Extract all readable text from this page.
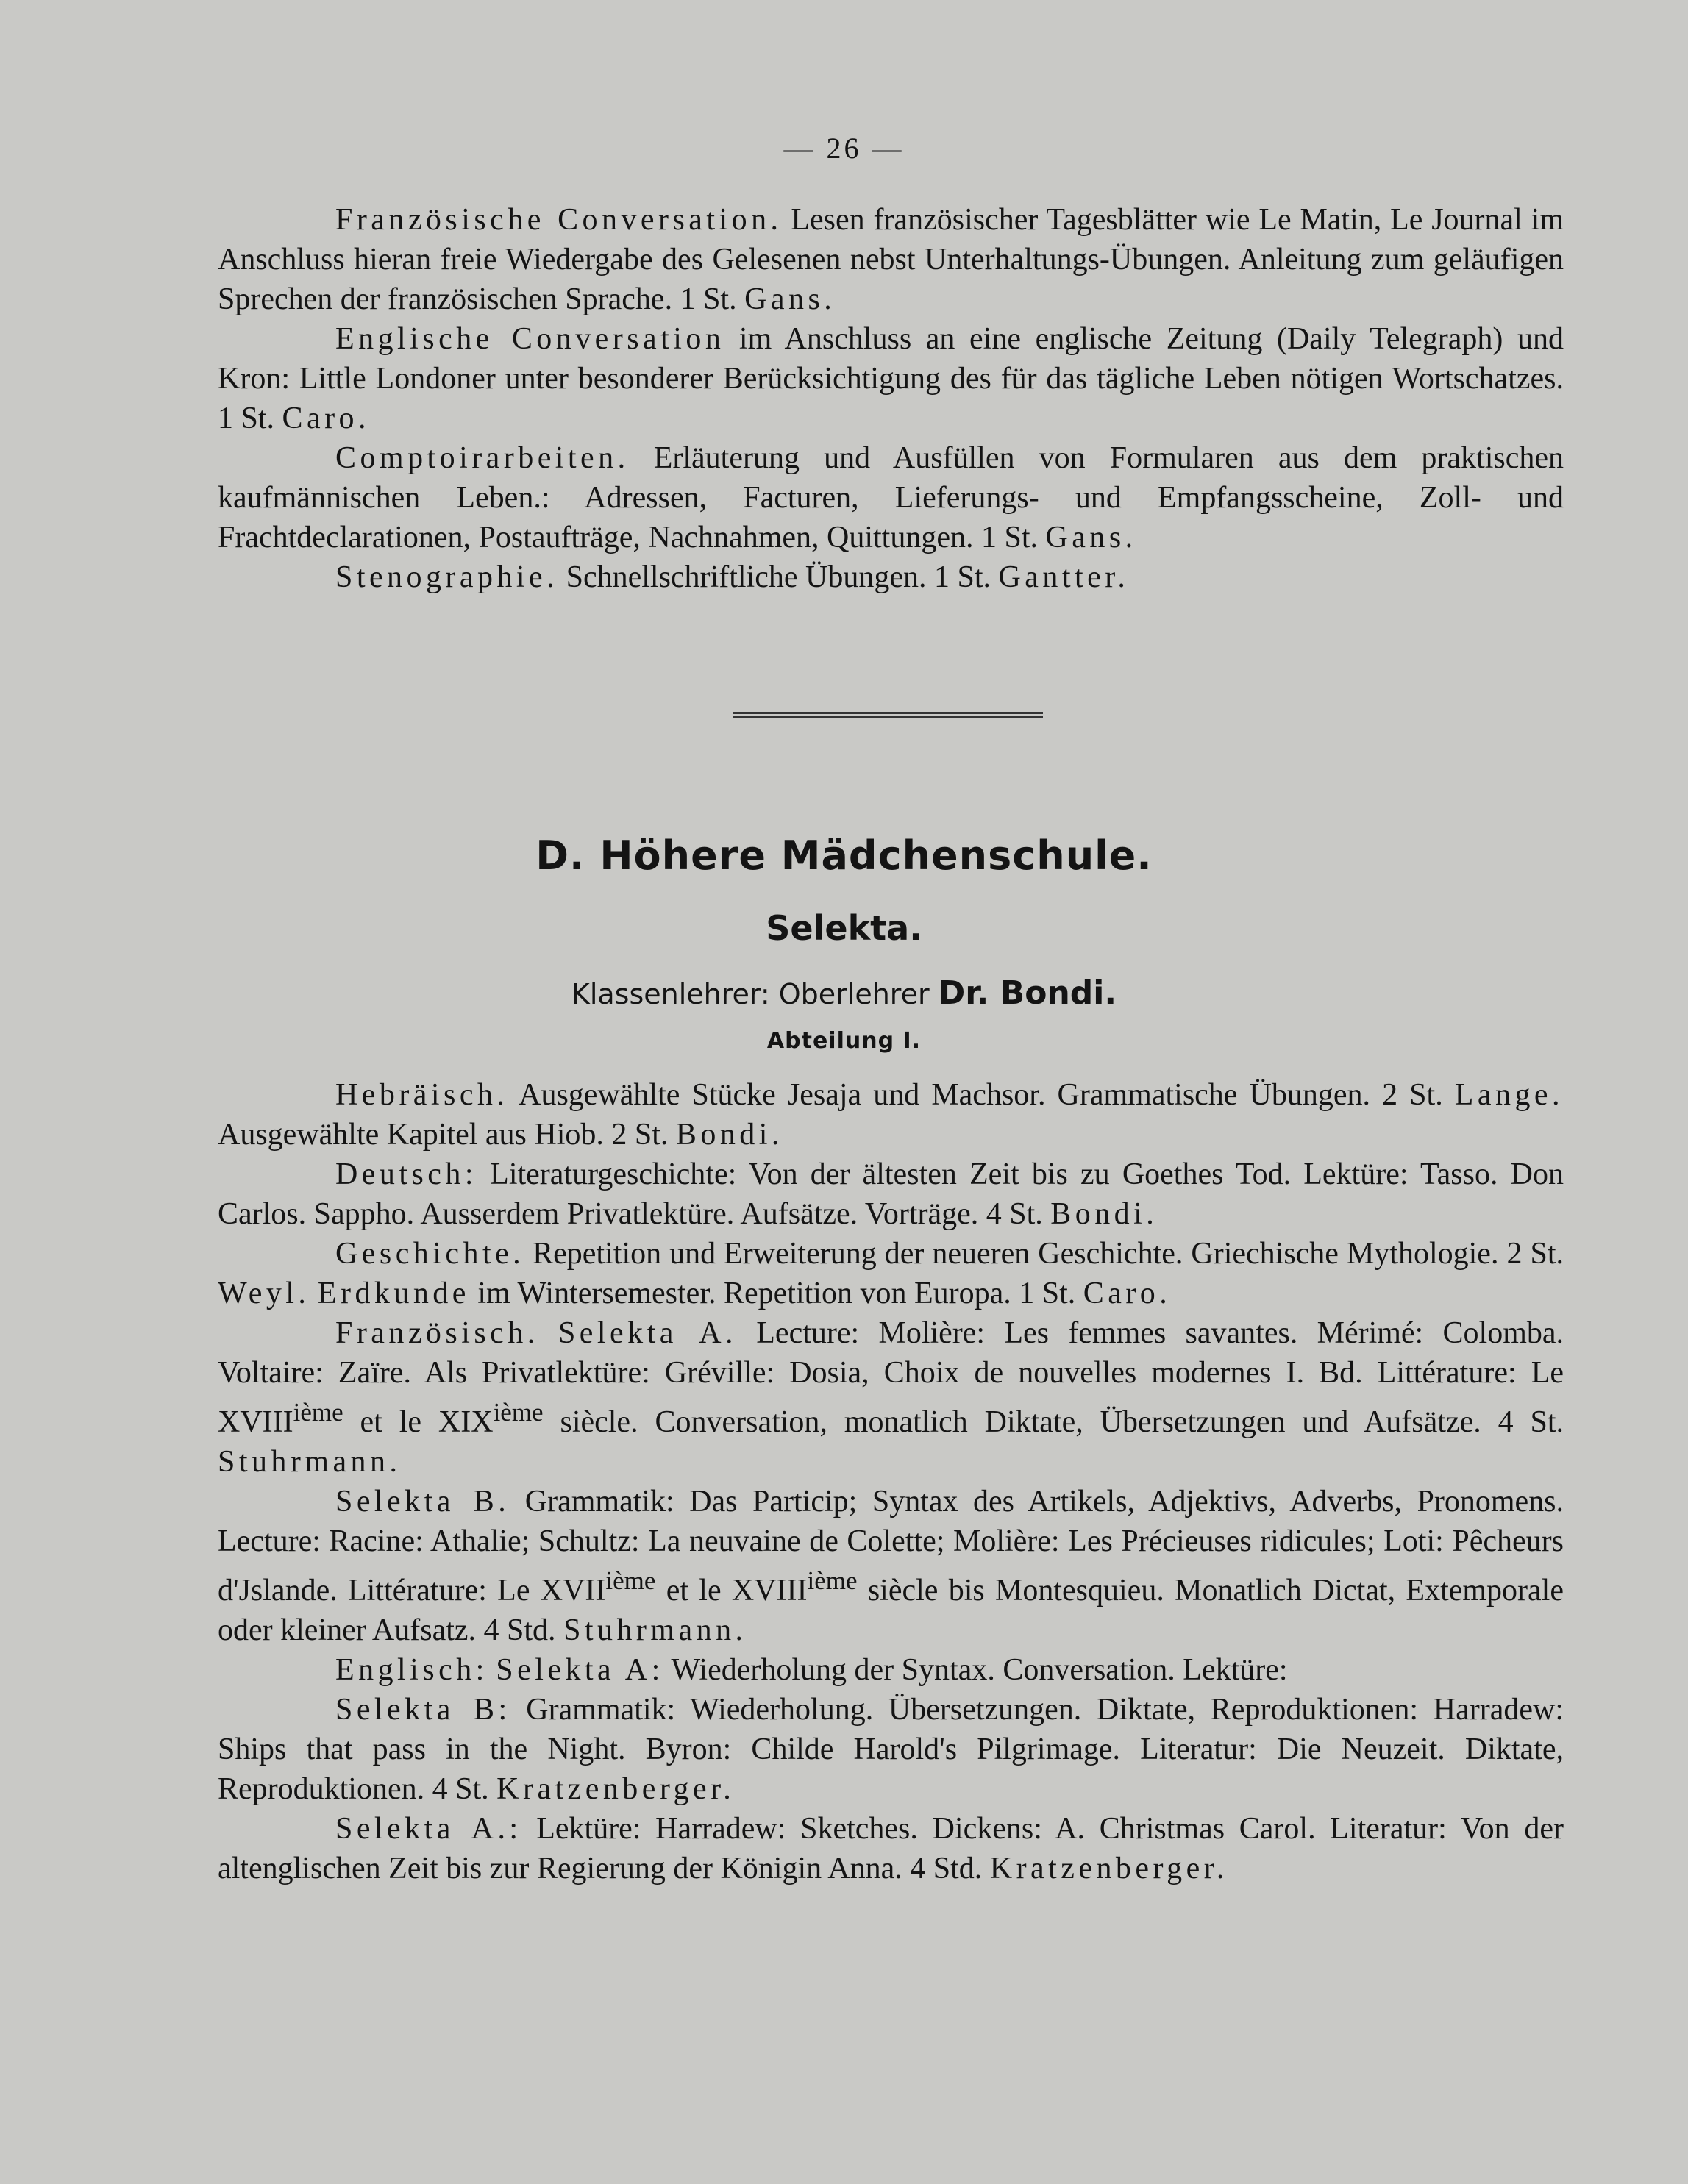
— 26 —

Französische Conversation. Lesen französischer Tagesblätter wie Le Matin, Le Journal im Anschluss hieran freie Wiedergabe des Gelesenen nebst Unterhaltungs-Übungen. Anleitung zum geläufigen Sprechen der französischen Sprache. 1 St. Gans.

Englische Conversation im Anschluss an eine englische Zeitung (Daily Telegraph) und Kron: Little Londoner unter besonderer Berücksichtigung des für das tägliche Leben nötigen Wortschatzes. 1 St. Caro.

Comptoirarbeiten. Erläuterung und Ausfüllen von Formularen aus dem praktischen kaufmännischen Leben.: Adressen, Facturen, Lieferungs- und Empfangsscheine, Zoll- und Frachtdeclarationen, Postaufträge, Nachnahmen, Quittungen. 1 St. Gans.

Stenographie. Schnellschriftliche Übungen. 1 St. Gantter.

D. Höhere Mädchenschule.
Selekta.
Klassenlehrer: Oberlehrer Dr. Bondi.
Abteilung I.

Hebräisch. Ausgewählte Stücke Jesaja und Machsor. Grammatische Übungen. 2 St. Lange. Ausgewählte Kapitel aus Hiob. 2 St. Bondi.

Deutsch: Literaturgeschichte: Von der ältesten Zeit bis zu Goethes Tod. Lektüre: Tasso. Don Carlos. Sappho. Ausserdem Privatlektüre. Aufsätze. Vorträge. 4 St. Bondi.

Geschichte. Repetition und Erweiterung der neueren Geschichte. Griechische Mythologie. 2 St. Weyl. Erdkunde im Wintersemester. Repetition von Europa. 1 St. Caro.

Französisch. Selekta A. Lecture: Molière: Les femmes savantes. Mérimé: Colomba. Voltaire: Zaïre. Als Privatlektüre: Gréville: Dosia, Choix de nouvelles modernes I. Bd. Littérature: Le XVIIIième et le XIXième siècle. Conversation, monatlich Diktate, Übersetzungen und Aufsätze. 4 St. Stuhrmann.

Selekta B. Grammatik: Das Particip; Syntax des Artikels, Adjektivs, Adverbs, Pronomens. Lecture: Racine: Athalie; Schultz: La neuvaine de Colette; Molière: Les Précieuses ridicules; Loti: Pêcheurs d'Jslande. Littérature: Le XVIIième et le XVIIIième siècle bis Montesquieu. Monatlich Dictat, Extemporale oder kleiner Aufsatz. 4 Std. Stuhrmann.

Englisch: Selekta A: Wiederholung der Syntax. Conversation. Lektüre:

Selekta B: Grammatik: Wiederholung. Übersetzungen. Diktate, Reproduktionen: Harradew: Ships that pass in the Night. Byron: Childe Harold's Pilgrimage. Literatur: Die Neuzeit. Diktate, Reproduktionen. 4 St. Kratzenberger.

Selekta A.: Lektüre: Harradew: Sketches. Dickens: A. Christmas Carol. Literatur: Von der altenglischen Zeit bis zur Regierung der Königin Anna. 4 Std. Kratzenberger.
